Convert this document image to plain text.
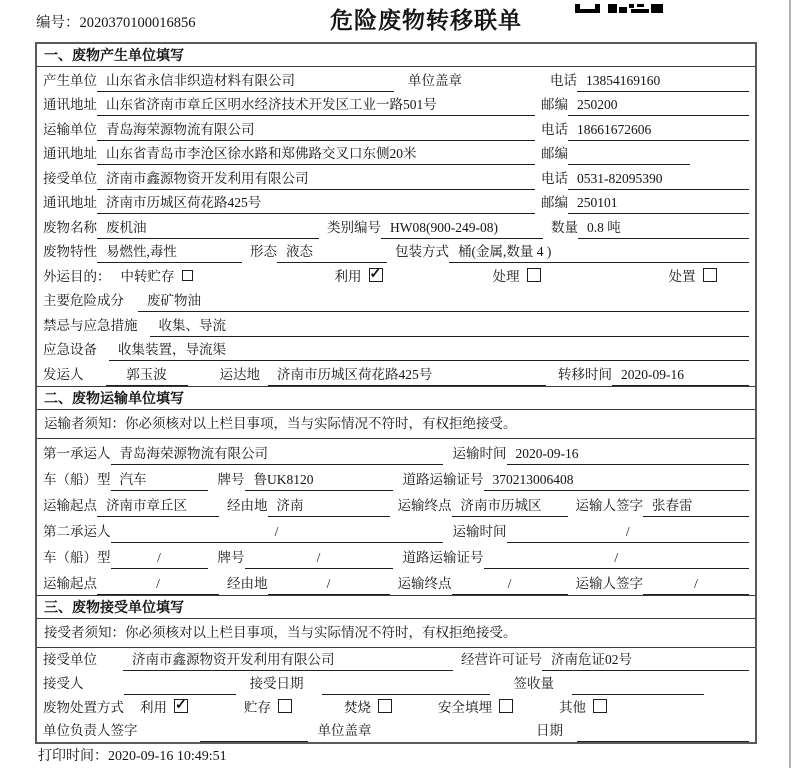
编号：2020370100016856	危险废物转移联单
一、废物产生单位填写
产生单位 山东省永信非织造材料有限公司	单位盖章	电话 13854169160
通讯地址 山东省济南市章丘区明水经济技术开发区工业一路501号	邮编 250200
运输单位 青岛海荣源物流有限公司	电话 18661672606
通讯地址 山东省青岛市李沧区徐水路和郑佛路交叉口东侧20米	邮编
接受单位 济南市鑫源物资开发利用有限公司	电话 0531-82095390
通讯地址 济南市历城区荷花路425号	邮编 250101
废物名称 废机油	类别编号 HW08(900-249-08)	数量 0.8 吨
废物特性 易燃性,毒性	形态 液态	包装方式 桶(金属,数量 4 )
外运目的： 中转贮存	利用 ✓	处理	处置
主要危险成分	废矿物油
禁忌与应急措施	收集、导流
应急设备	收集装置，导流渠
发运人	郭玉波	运达地	济南市历城区荷花路425号	转移时间 2020-09-16
二、废物运输单位填写
运输者须知：你必须核对以上栏目事项，当与实际情况不符时，有权拒绝接受。
第一承运人 青岛海荣源物流有限公司	运输时间 2020-09-16
车（船）型 汽车	牌号 鲁UK8120	道路运输证号 370213006408
运输起点 济南市章丘区	经由地 济南	运输终点 济南市历城区	运输人签字 张春雷
第二承运人	/	运输时间	/
车（船）型	/	牌号	/	道路运输证号	/
运输起点	/	经由地	/	运输终点	/	运输人签字	/
三、废物接受单位填写
接受者须知：你必须核对以上栏目事项，当与实际情况不符时，有权拒绝接受。
接受单位	济南市鑫源物资开发利用有限公司	经营许可证号 济南危证02号
接受人	接受日期	签收量
废物处置方式 利用 ✓	贮存	焚烧	安全填埋	其他
单位负责人签字	单位盖章	日期
打印时间：2020-09-16 10:49:51
